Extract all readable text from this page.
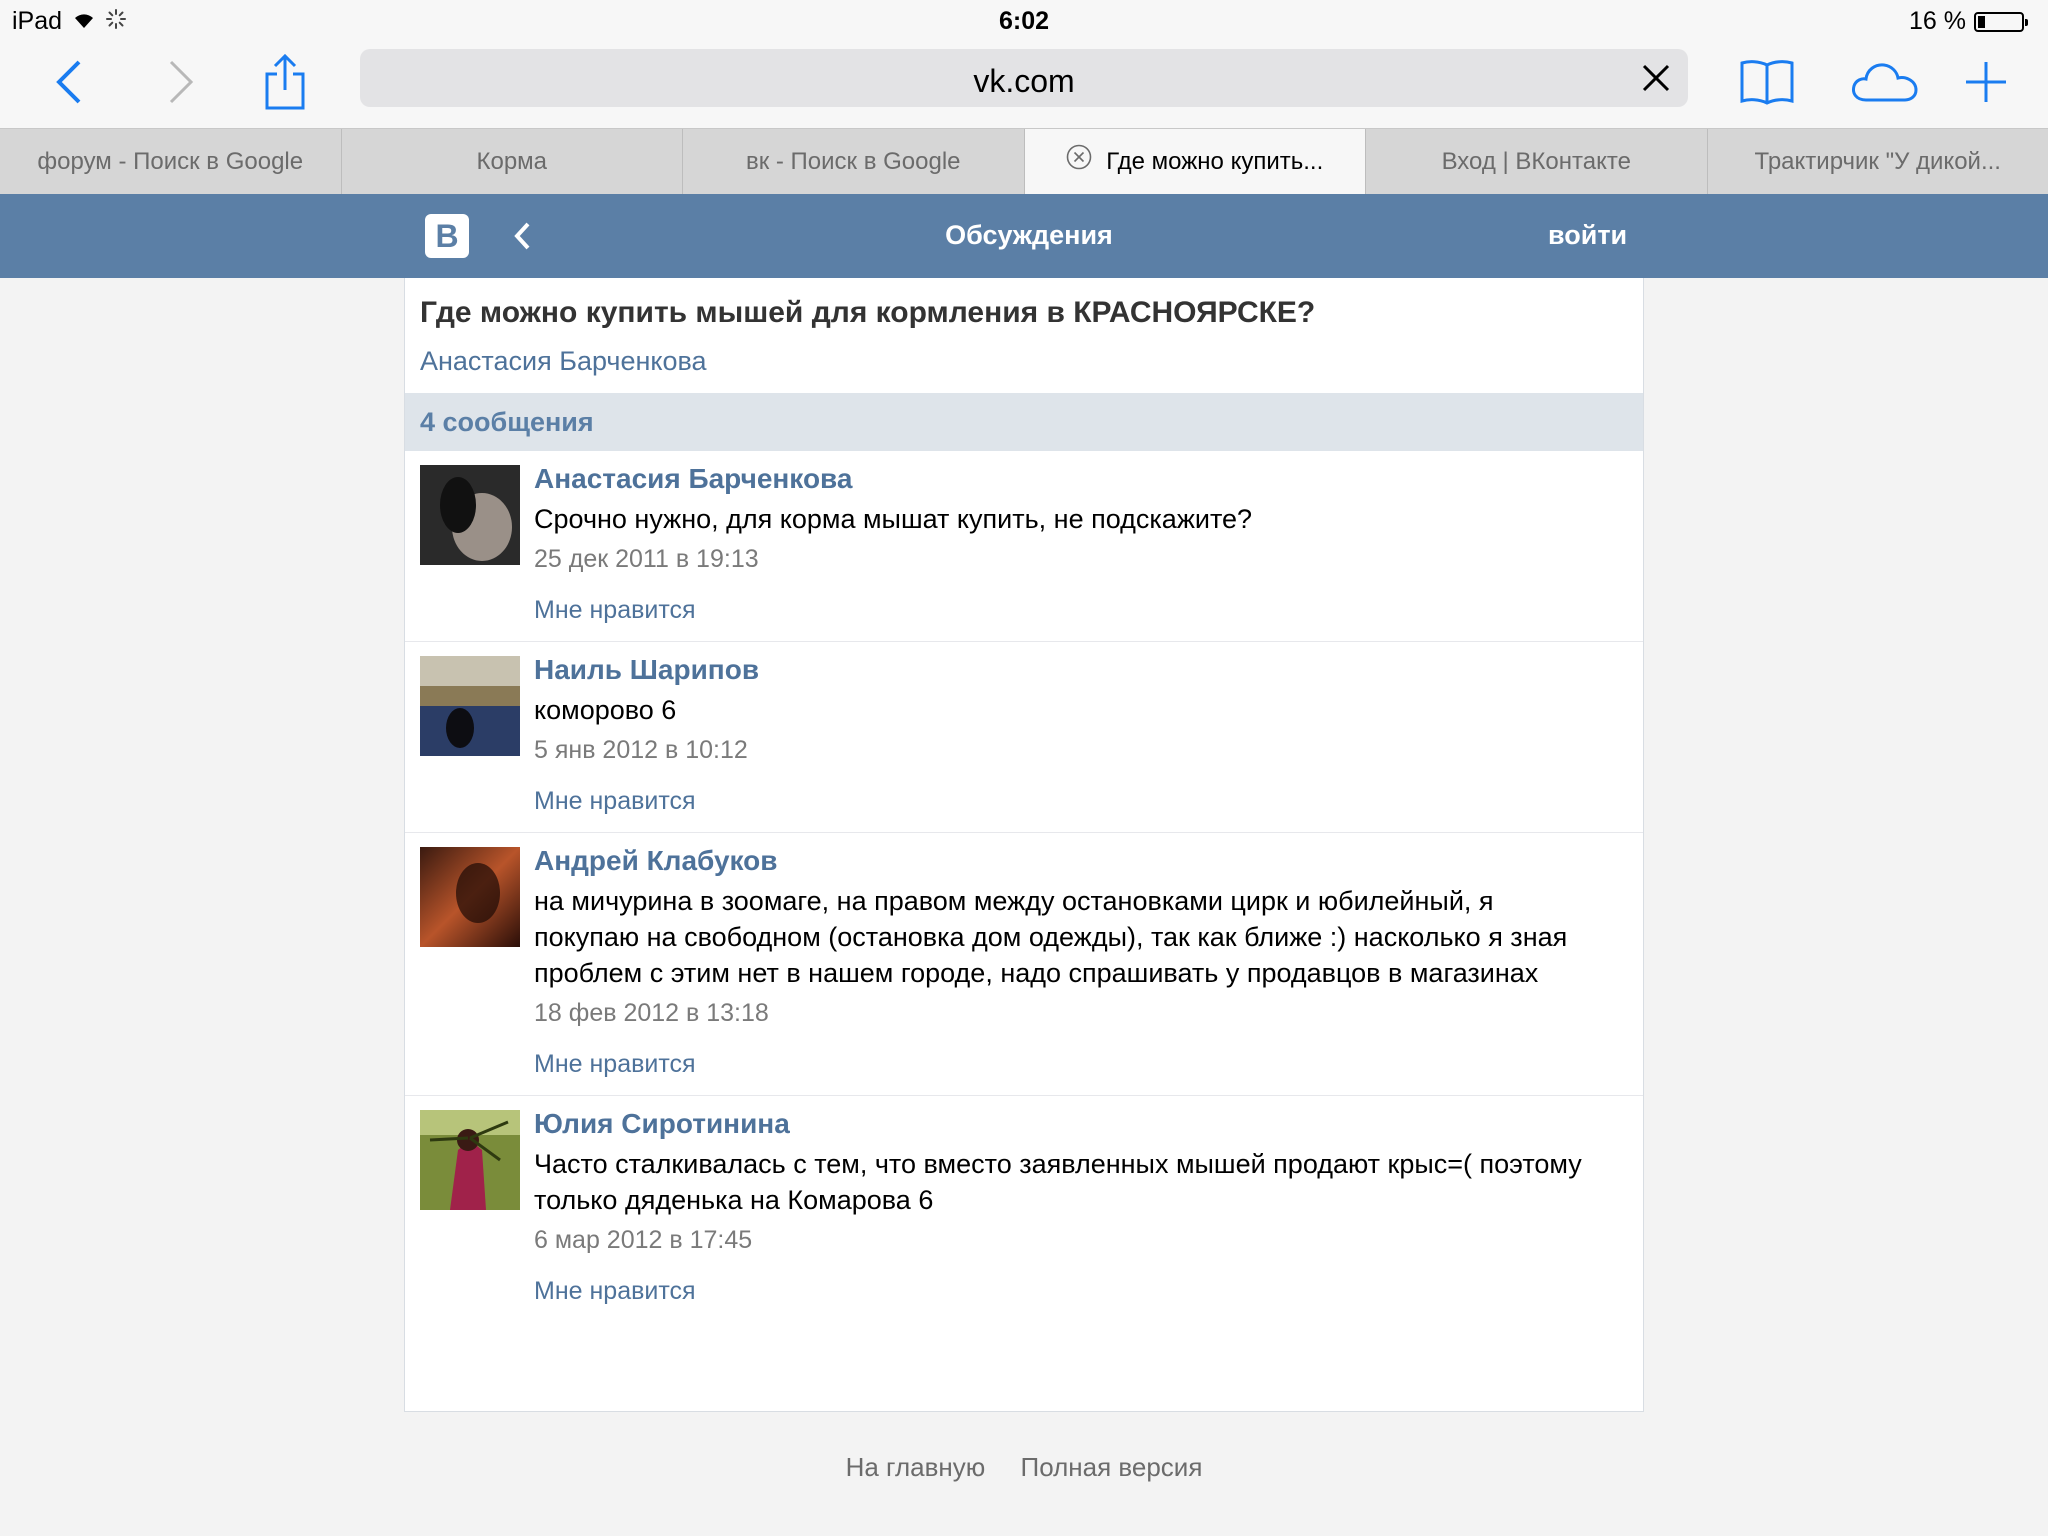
iPad	6:02	16 %
vk.com
форум - Поиск в Google	Корма	вк - Поиск в Google	Где можно купить...	Вход | ВКонтакте	Трактирчик "У дикой...
В	Обсуждения	войти
Где можно купить мышей для кормления в КРАСНОЯРСКЕ?
Анастасия Барченкова
4 сообщения
Анастасия Барченкова
Срочно нужно, для корма мышат купить, не подскажите?
25 дек 2011 в 19:13
Мне нравится
Наиль Шарипов
коморово 6
5 янв 2012 в 10:12
Мне нравится
Андрей Клабуков
на мичурина в зоомаге, на правом между остановками цирк и юбилейный, я покупаю на свободном (остановка дом одежды), так как ближе :) насколько я зная проблем с этим нет в нашем городе, надо спрашивать у продавцов в магазинах
18 фев 2012 в 13:18
Мне нравится
Юлия Сиротинина
Часто сталкивалась с тем, что вместо заявленных мышей продают крыс=( поэтому только дяденька на Комарова 6
6 мар 2012 в 17:45
Мне нравится
На главную Полная версия
